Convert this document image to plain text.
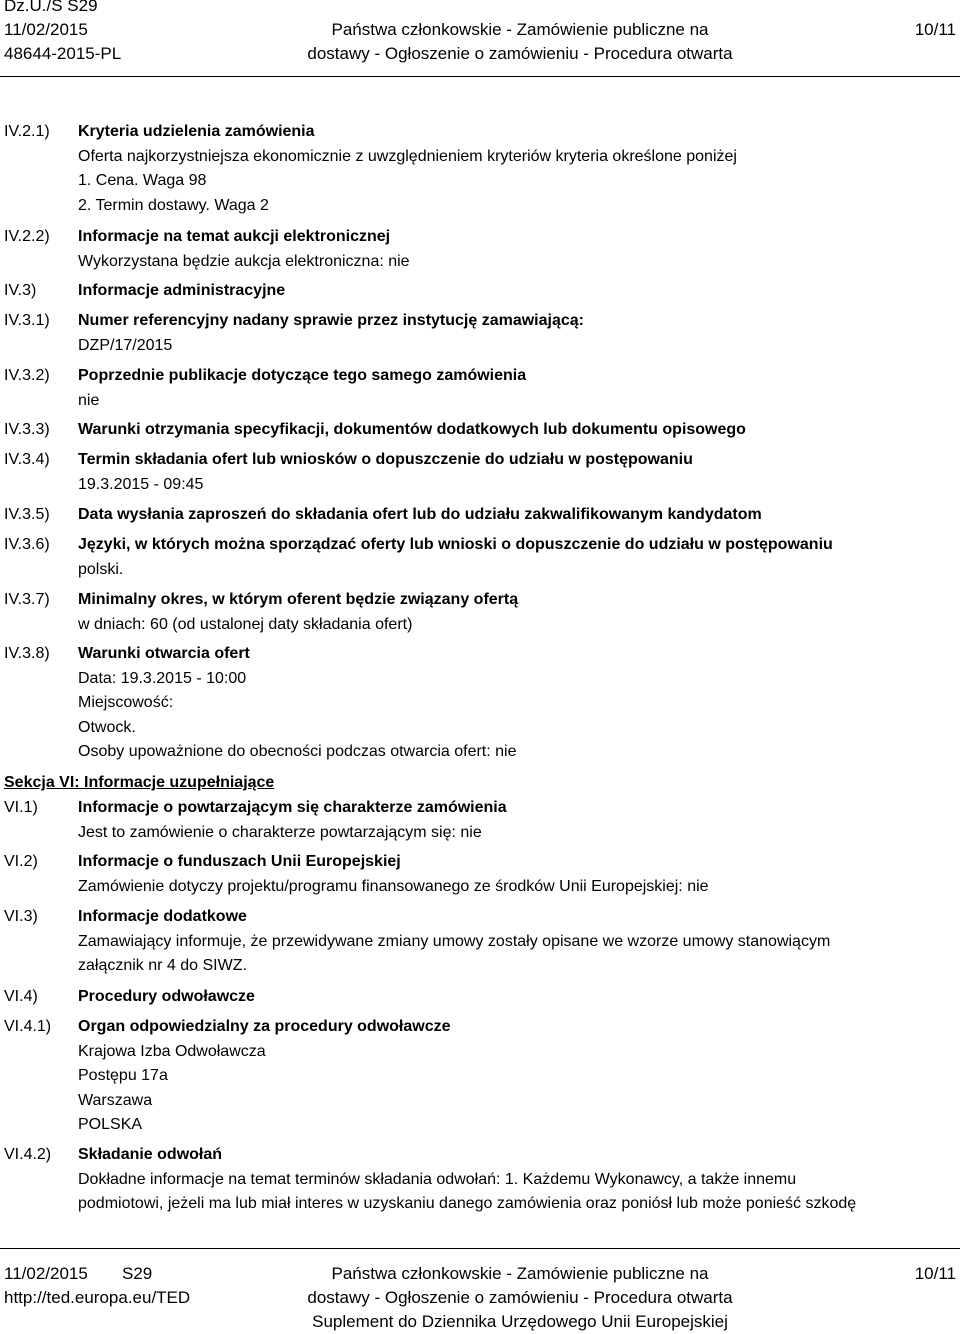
Dz.U./S S29
11/02/2015
48644-2015-PL
Państwa członkowskie - Zamówienie publiczne na
dostawy - Ogłoszenie o zamówieniu - Procedura otwarta
10/11
IV.2.1) Kryteria udzielenia zamówienia
Oferta najkorzystniejsza ekonomicznie z uwzględnieniem kryteriów kryteria określone poniżej
1. Cena. Waga 98
2. Termin dostawy. Waga 2
IV.2.2) Informacje na temat aukcji elektronicznej
Wykorzystana będzie aukcja elektroniczna: nie
IV.3)	Informacje administracyjne
IV.3.1) Numer referencyjny nadany sprawie przez instytucję zamawiającą:
DZP/17/2015
IV.3.2) Poprzednie publikacje dotyczące tego samego zamówienia
nie
IV.3.3) Warunki otrzymania specyfikacji, dokumentów dodatkowych lub dokumentu opisowego
IV.3.4) Termin składania ofert lub wniosków o dopuszczenie do udziału w postępowaniu
19.3.2015 - 09:45
IV.3.5) Data wysłania zaproszeń do składania ofert lub do udziału zakwalifikowanym kandydatom
IV.3.6) Języki, w których można sporządzać oferty lub wnioski o dopuszczenie do udziału w postępowaniu
polski.
IV.3.7) Minimalny okres, w którym oferent będzie związany ofertą
w dniach: 60 (od ustalonej daty składania ofert)
IV.3.8) Warunki otwarcia ofert
Data: 19.3.2015 - 10:00
Miejscowość:
Otwock.
Osoby upoważnione do obecności podczas otwarcia ofert: nie
Sekcja VI: Informacje uzupełniające
VI.1)	Informacje o powtarzającym się charakterze zamówienia
Jest to zamówienie o charakterze powtarzającym się: nie
VI.2)	Informacje o funduszach Unii Europejskiej
Zamówienie dotyczy projektu/programu finansowanego ze środków Unii Europejskiej: nie
VI.3)	Informacje dodatkowe
Zamawiający informuje, że przewidywane zmiany umowy zostały opisane we wzorze umowy stanowiącym
załącznik nr 4 do SIWZ.
VI.4)	Procedury odwoławcze
VI.4.1) Organ odpowiedzialny za procedury odwoławcze
Krajowa Izba Odwoławcza
Postępu 17a
Warszawa
POLSKA
VI.4.2) Składanie odwołań
Dokładne informacje na temat terminów składania odwołań: 1. Każdemu Wykonawcy, a także innemu
podmiotowi, jeżeli ma lub miał interes w uzyskaniu danego zamówienia oraz poniósł lub może ponieść szkodę
11/02/2015 S29
http://ted.europa.eu/TED
Państwa członkowskie - Zamówienie publiczne na
dostawy - Ogłoszenie o zamówieniu - Procedura otwarta
Suplement do Dziennika Urzędowego Unii Europejskiej
10/11
